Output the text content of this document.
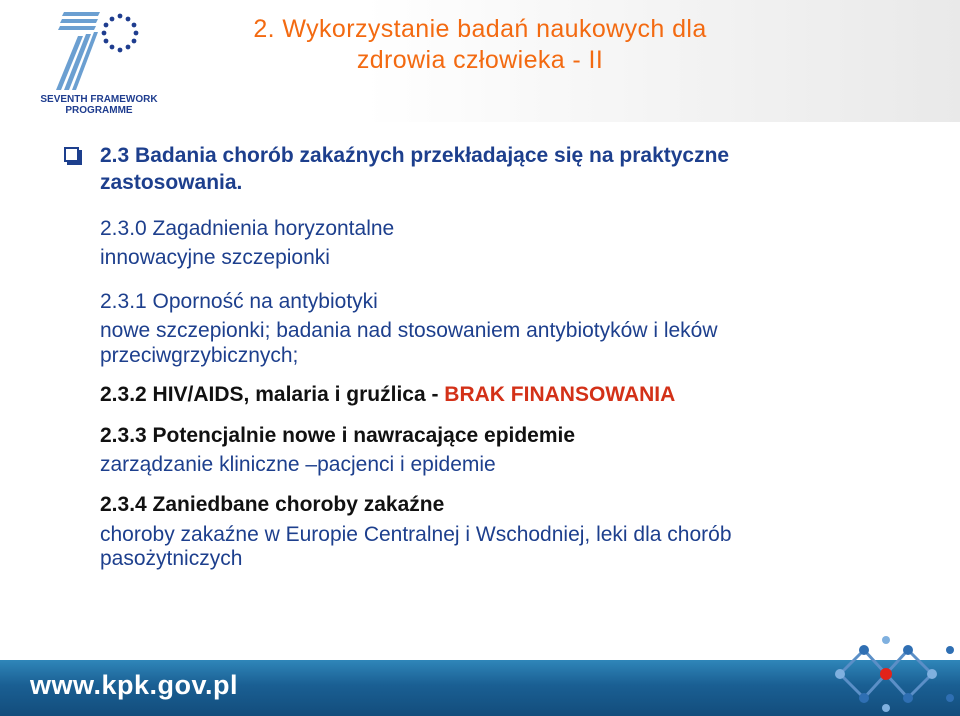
SEVENTH FRAMEWORK
PROGRAMME
2. Wykorzystanie badań naukowych dla
zdrowia człowieka - II
2.3 Badania chorób zakaźnych przekładające się na praktyczne
zastosowania.
2.3.0 Zagadnienia horyzontalne
innowacyjne szczepionki
2.3.1 Oporność na antybiotyki
nowe szczepionki; badania nad stosowaniem antybiotyków i leków
przeciwgrzybicznych;
2.3.2 HIV/AIDS, malaria i gruźlica - BRAK FINANSOWANIA
2.3.3 Potencjalnie nowe i nawracające epidemie
zarządzanie kliniczne –pacjenci i epidemie
2.3.4 Zaniedbane choroby zakaźne
choroby zakaźne w Europie Centralnej i Wschodniej, leki dla chorób
pasożytniczych
www.kpk.gov.pl
